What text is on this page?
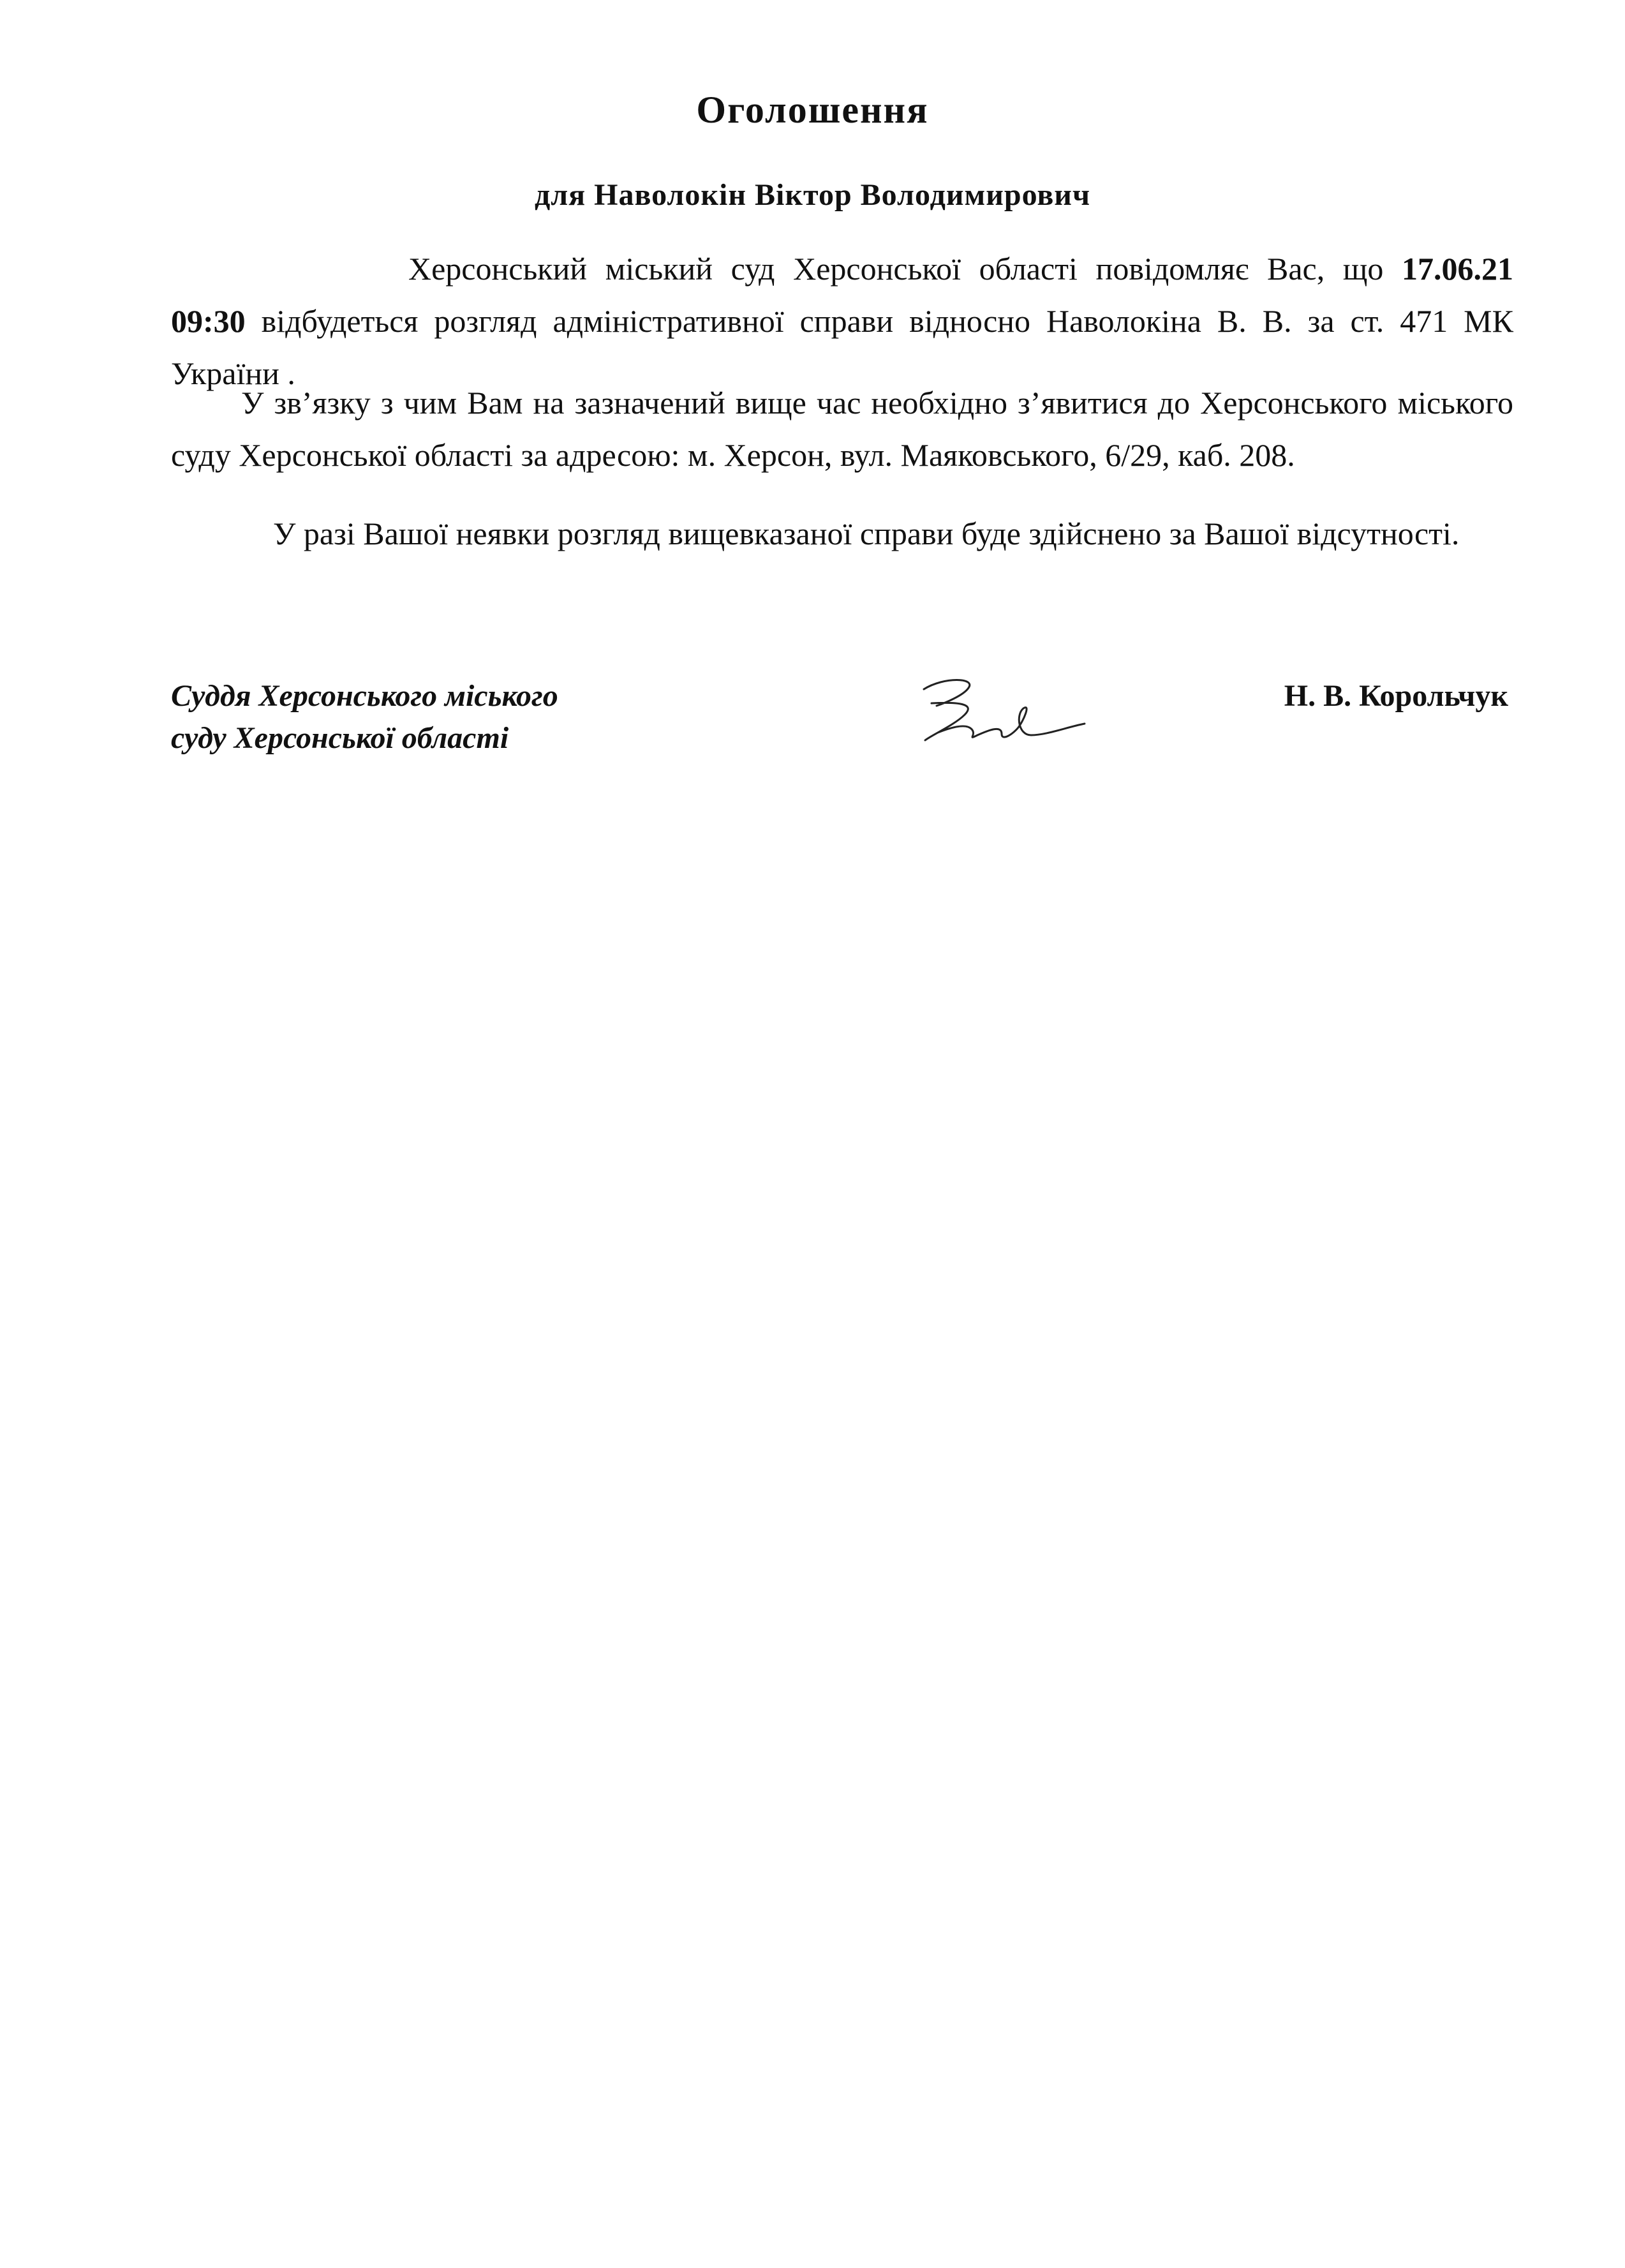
Оголошення
для Наволокін Віктор Володимирович

Херсонський міський суд Херсонської області повідомляє Вас, що 17.06.21 09:30 відбудеться розгляд адміністративної справи відносно Наволокіна В. В. за ст. 471 МК України .

У зв’язку з чим Вам на зазначений вище час необхідно з’явитися до Херсонського міського суду Херсонської області за адресою: м. Херсон, вул. Маяковського, 6/29, каб. 208.

У разі Вашої неявки розгляд вищевказаної справи буде здійснено за Вашої відсутності.

Суддя Херсонського міського
суду Херсонської області
Н. В. Корольчук
